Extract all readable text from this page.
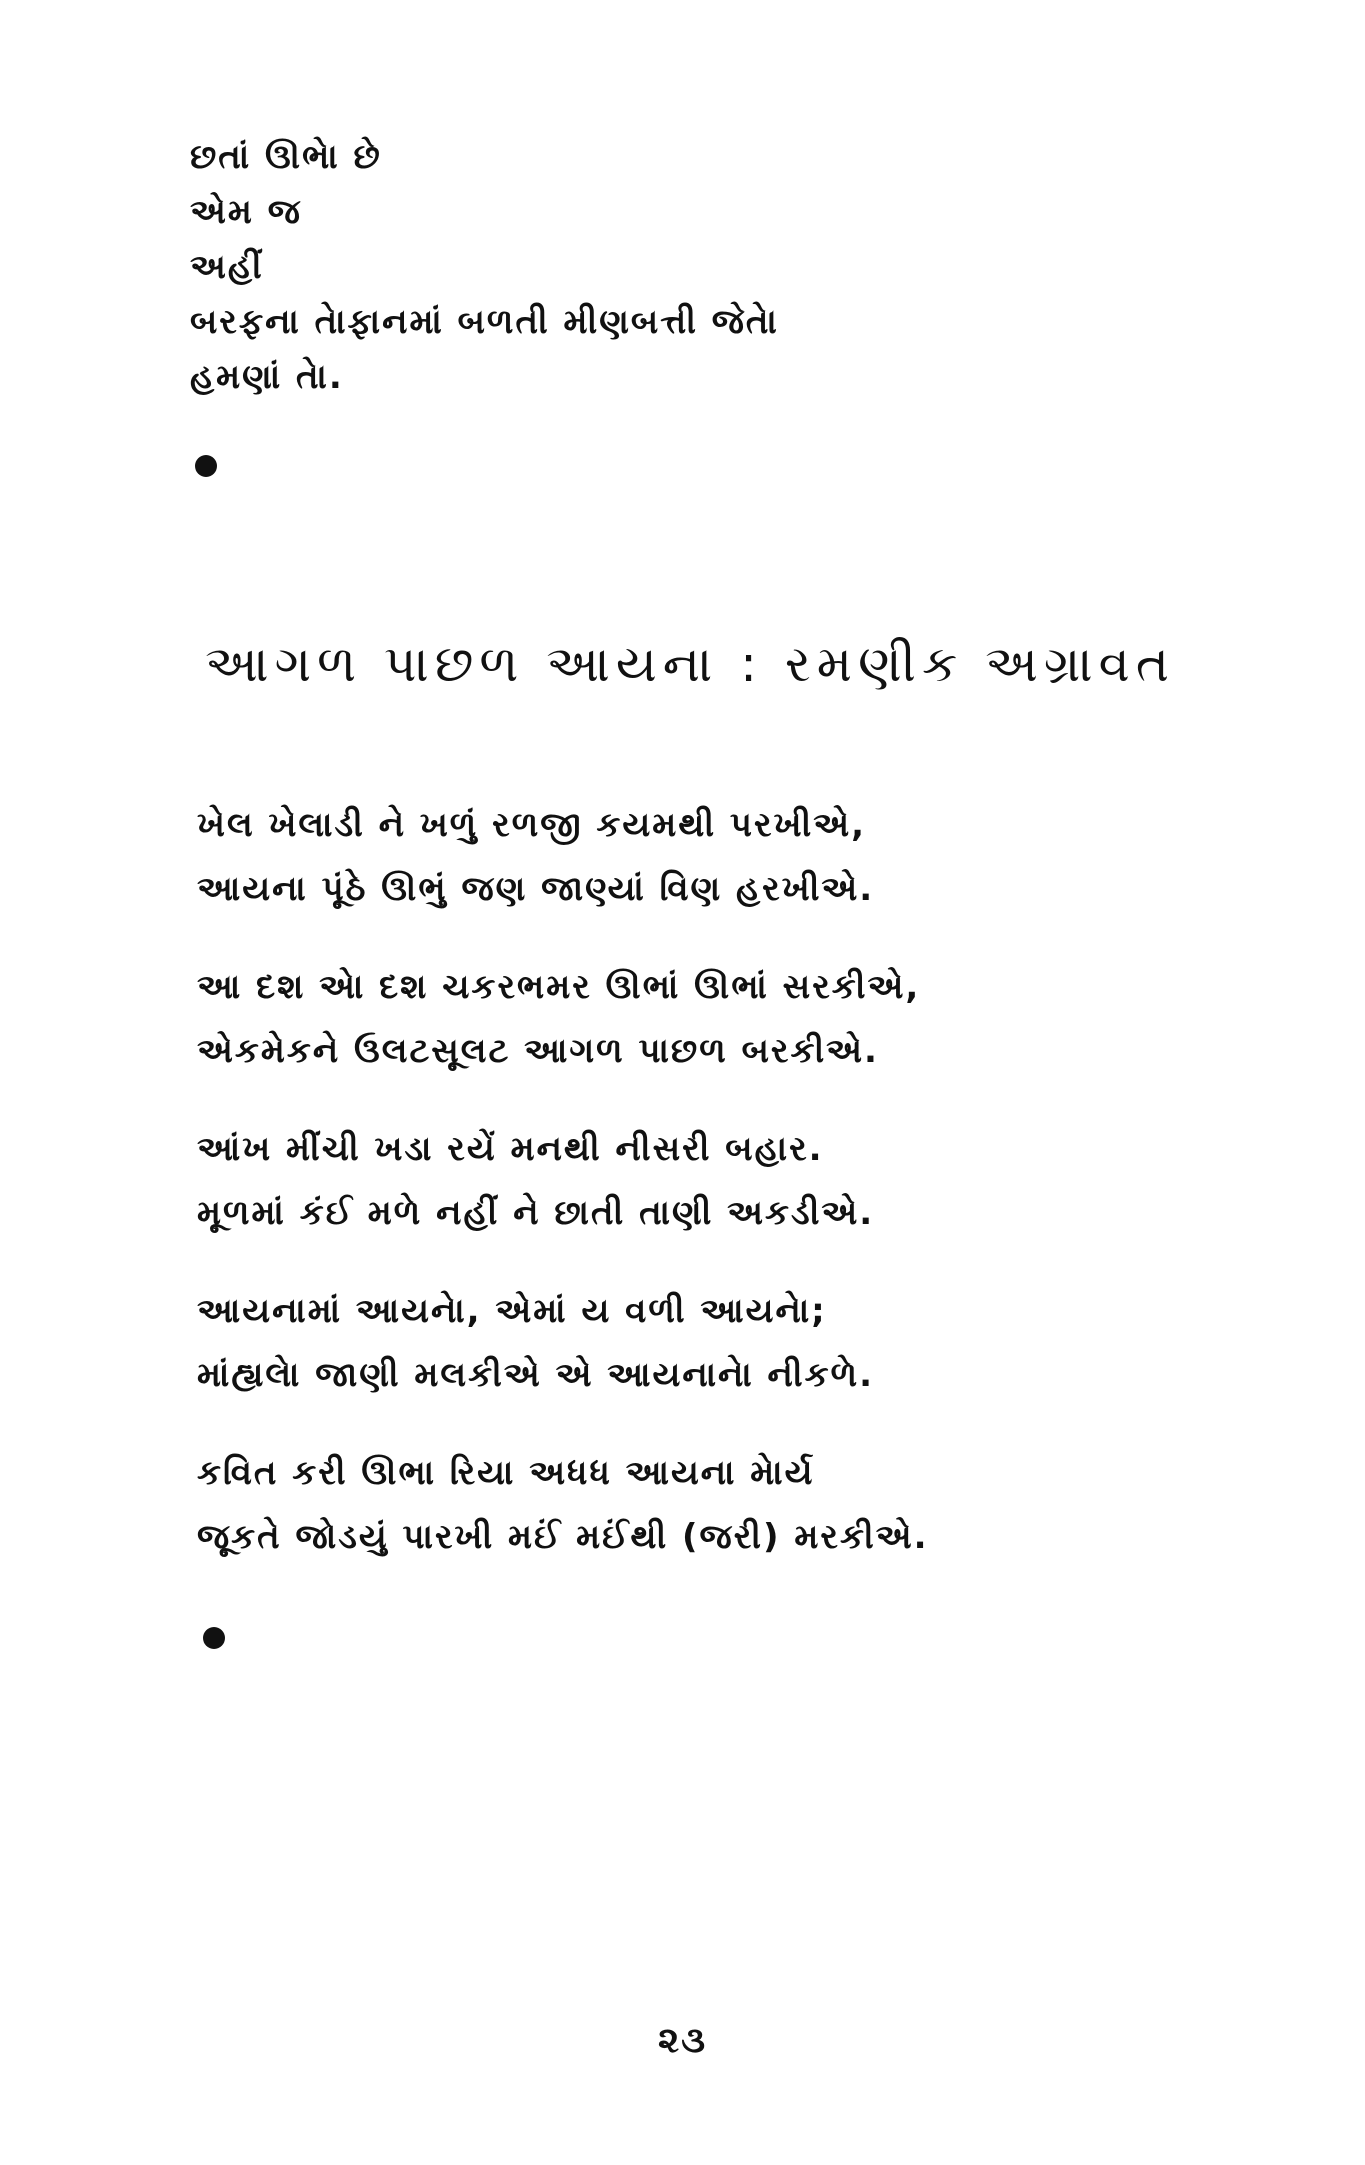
છતાં ઊભેા છે
એમ જ
અહીં
બરફના તેાફાનમાં બળતી મીણબત્તી જેતેા
હમણાં તેા.
આગળ પાછળ આયના : રમણીક અગ્રાવત
ખેલ ખેલાડી ને ખળું રળજી કયમથી પરખીએ,
આયના પૂંઠે ઊભું જણ જાણ્યાં વિણ હરખીએ.
આ દશ એા દશ ચકરભમર ઊભાં ઊભાં સરકીએ,
એકમેકને ઉલટસૂલટ આગળ પાછળ બરકીએ.
આંખ મીંચી ખડા રયેં મનથી નીસરી બહાર.
મૂળમાં કંઈ મળે નહીં ને છાતી તાણી અકડીએ.
આયનામાં આયનેા, એમાં ય વળી આયનેા;
માંહ્યલેા જાણી મલકીએ એ આયનાનેા નીકળે.
કવિત કરી ઊભા રિયા અધધ આયના મેાર્ય
જૂકતે જોડયું પારખી મઈં મઈંથી (જરી) મરકીએ.
૨૩
